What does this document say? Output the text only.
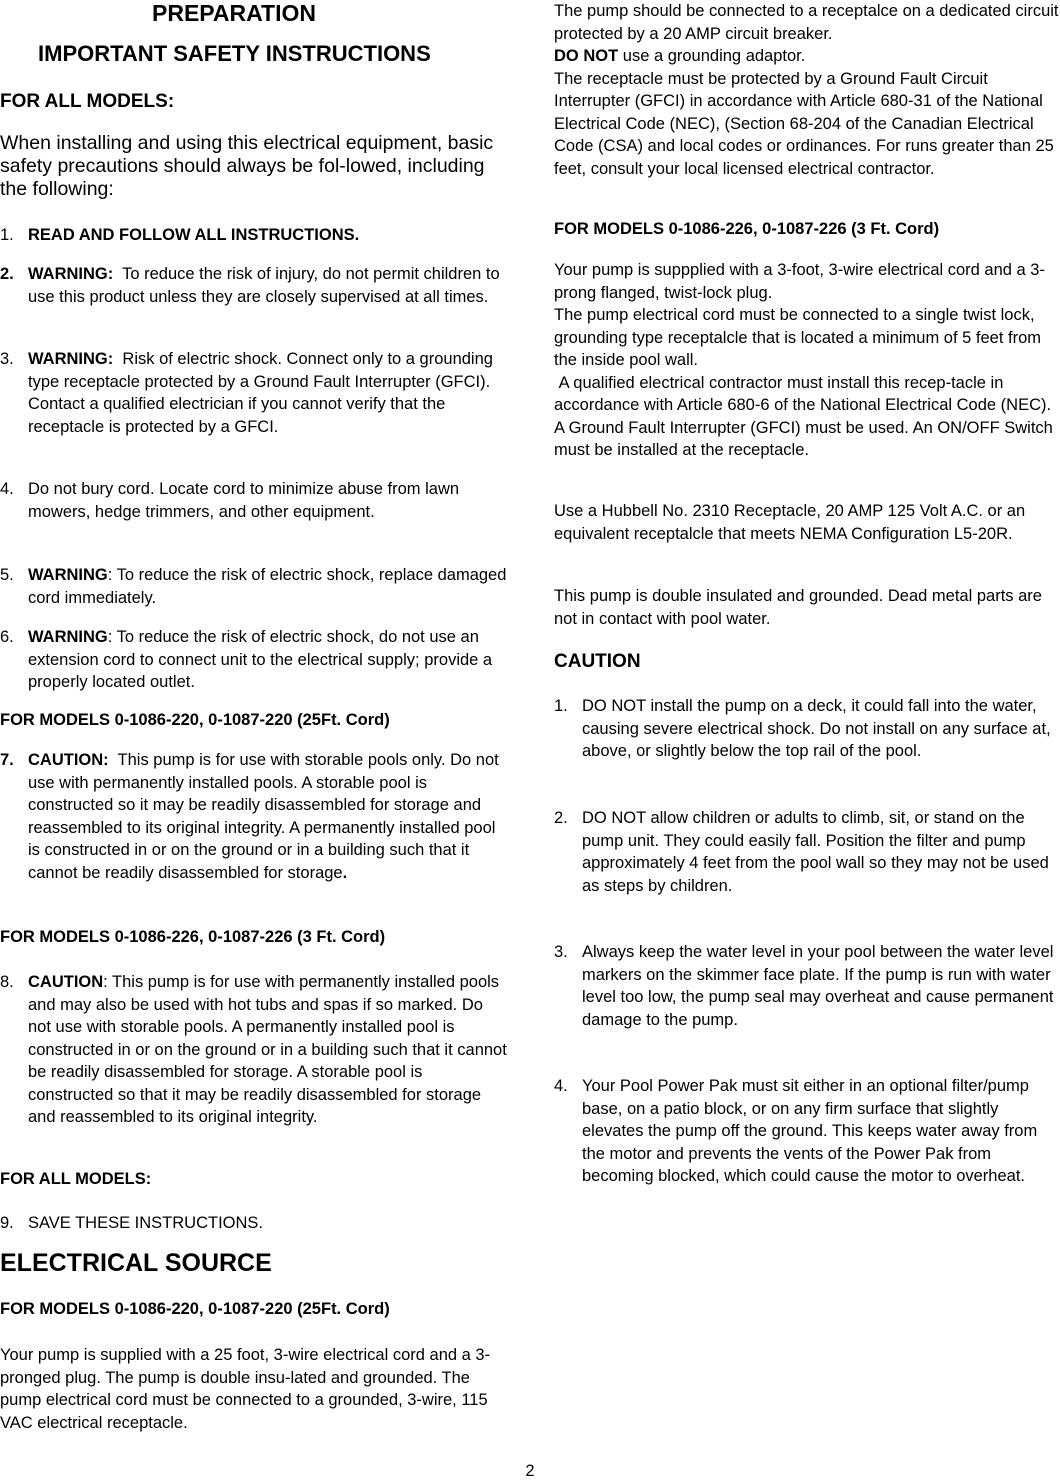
PREPARATION
IMPORTANT SAFETY INSTRUCTIONS
FOR ALL MODELS:
When installing and using this electrical equipment, basic safety precautions should always be fol-lowed, including the following:
1. READ AND FOLLOW ALL INSTRUCTIONS.
2. WARNING: To reduce the risk of injury, do not permit children to use this product unless they are closely supervised at all times.
3. WARNING: Risk of electric shock. Connect only to a grounding type receptacle protected by a Ground Fault Interrupter (GFCI).
Contact a qualified electrician if you cannot verify that the receptacle is protected by a GFCI.
4. Do not bury cord. Locate cord to minimize abuse from lawn mowers, hedge trimmers, and other equipment.
5. WARNING: To reduce the risk of electric shock, replace damaged cord immediately.
6. WARNING: To reduce the risk of electric shock, do not use an extension cord to connect unit to the electrical supply; provide a properly located outlet.
FOR MODELS 0-1086-220, 0-1087-220 (25Ft. Cord)
7. CAUTION: This pump is for use with storable pools only. Do not use with permanently installed pools. A storable pool is constructed so it may be readily disassembled for storage and reassembled to its original integrity. A permanently installed pool is constructed in or on the ground or in a building such that it cannot be readily disassembled for storage.
FOR MODELS 0-1086-226, 0-1087-226 (3 Ft. Cord)
8. CAUTION: This pump is for use with permanently installed pools and may also be used with hot tubs and spas if so marked. Do not use with storable pools. A permanently installed pool is constructed in or on the ground or in a building such that it cannot be readily disassembled for storage. A storable pool is constructed so that it may be readily disassembled for storage and reassembled to its original integrity.
FOR ALL MODELS:
9. SAVE THESE INSTRUCTIONS.
ELECTRICAL SOURCE
FOR MODELS 0-1086-220, 0-1087-220 (25Ft. Cord)
Your pump is supplied with a 25 foot, 3-wire electrical cord and a 3-pronged plug. The pump is double insu-lated and grounded. The pump electrical cord must be connected to a grounded, 3-wire, 115 VAC electrical receptacle.
The pump should be connected to a receptalce on a dedicated circuit protected by a 20 AMP circuit breaker.
DO NOT use a grounding adaptor.
The receptacle must be protected by a Ground Fault Circuit Interrupter (GFCI) in accordance with Article 680-31 of the National Electrical Code (NEC), (Section 68-204 of the Canadian Electrical Code (CSA) and local codes or ordinances. For runs greater than 25 feet, consult your local licensed electrical contractor.
FOR MODELS 0-1086-226, 0-1087-226 (3 Ft. Cord)
Your pump is suppplied with a 3-foot, 3-wire electrical cord and a 3-prong flanged, twist-lock plug.
The pump electrical cord must be connected to a single twist lock, grounding type receptalcle that is located a minimum of 5 feet from the inside pool wall.
A qualified electrical contractor must install this recep-tacle in accordance with Article 680-6 of the National Electrical Code (NEC). A Ground Fault Interrupter (GFCI) must be used. An ON/OFF Switch must be installed at the receptacle.
Use a Hubbell No. 2310 Receptacle, 20 AMP 125 Volt A.C. or an equivalent receptalcle that meets NEMA Configuration L5-20R.
This pump is double insulated and grounded. Dead metal parts are not in contact with pool water.
CAUTION
1. DO NOT install the pump on a deck, it could fall into the water, causing severe electrical shock. Do not install on any surface at, above, or slightly below the top rail of the pool.
2. DO NOT allow children or adults to climb, sit, or stand on the pump unit. They could easily fall. Position the filter and pump approximately 4 feet from the pool wall so they may not be used as steps by children.
3. Always keep the water level in your pool between the water level markers on the skimmer face plate. If the pump is run with water level too low, the pump seal may overheat and cause permanent damage to the pump.
4. Your Pool Power Pak must sit either in an optional filter/pump base, on a patio block, or on any firm surface that slightly elevates the pump off the ground. This keeps water away from the motor and prevents the vents of the Power Pak from becoming blocked, which could cause the motor to overheat.
2
